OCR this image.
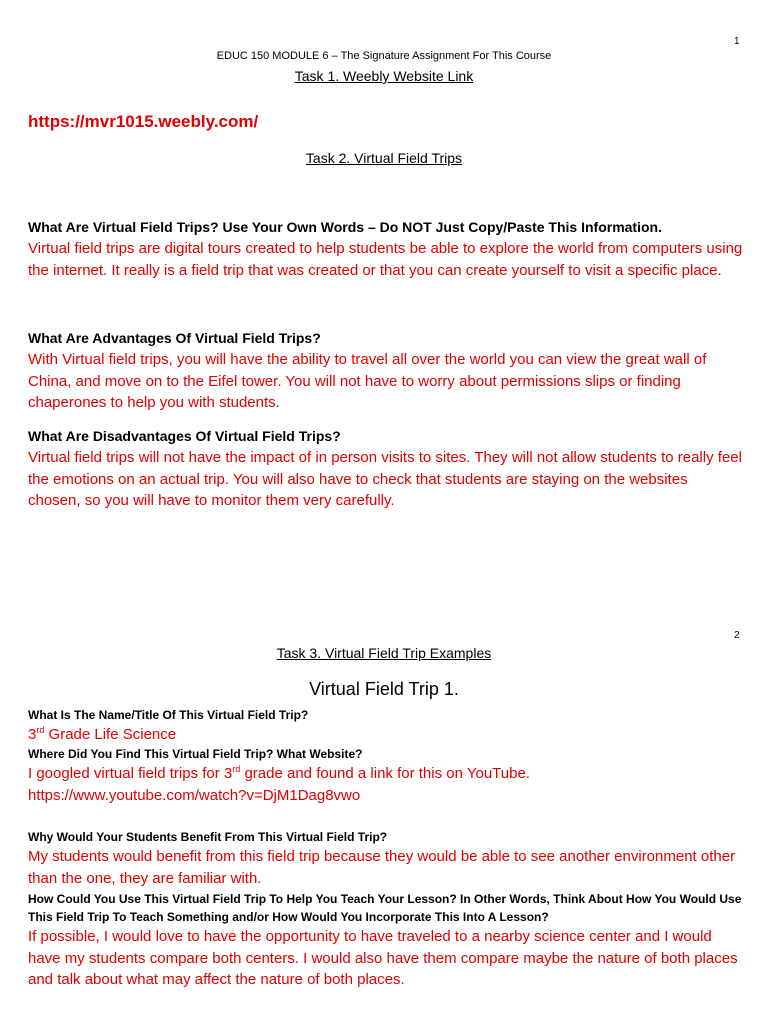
1
EDUC 150 MODULE 6 – The Signature Assignment For This Course
Task 1. Weebly Website Link
https://mvr1015.weebly.com/
Task 2. Virtual Field Trips
What Are Virtual Field Trips? Use Your Own Words – Do NOT Just Copy/Paste This Information.
Virtual field trips are digital tours created to help students be able to explore the world from computers using the internet. It really is a field trip that was created or that you can create yourself to visit a specific place.
What Are Advantages Of Virtual Field Trips?
With Virtual field trips, you will have the ability to travel all over the world you can view the great wall of China, and move on to the Eifel tower. You will not have to worry about permissions slips or finding chaperones to help you with students.
What Are Disadvantages Of Virtual Field Trips?
Virtual field trips will not have the impact of in person visits to sites. They will not allow students to really feel the emotions on an actual trip. You will also have to check that students are staying on the websites chosen, so you will have to monitor them very carefully.
2
Task 3. Virtual Field Trip Examples
Virtual Field Trip 1.
What Is The Name/Title Of This Virtual Field Trip?
3rd Grade Life Science
Where Did You Find This Virtual Field Trip? What Website?
I googled virtual field trips for 3rd grade and found a link for this on YouTube.
https://www.youtube.com/watch?v=DjM1Dag8vwo
Why Would Your Students Benefit From This Virtual Field Trip?
My students would benefit from this field trip because they would be able to see another environment other than the one, they are familiar with.
How Could You Use This Virtual Field Trip To Help You Teach Your Lesson? In Other Words, Think About How You Would Use This Field Trip To Teach Something and/or How Would You Incorporate This Into A Lesson?
If possible, I would love to have the opportunity to have traveled to a nearby science center and I would have my students compare both centers. I would also have them compare maybe the nature of both places and talk about what may affect the nature of both places.
